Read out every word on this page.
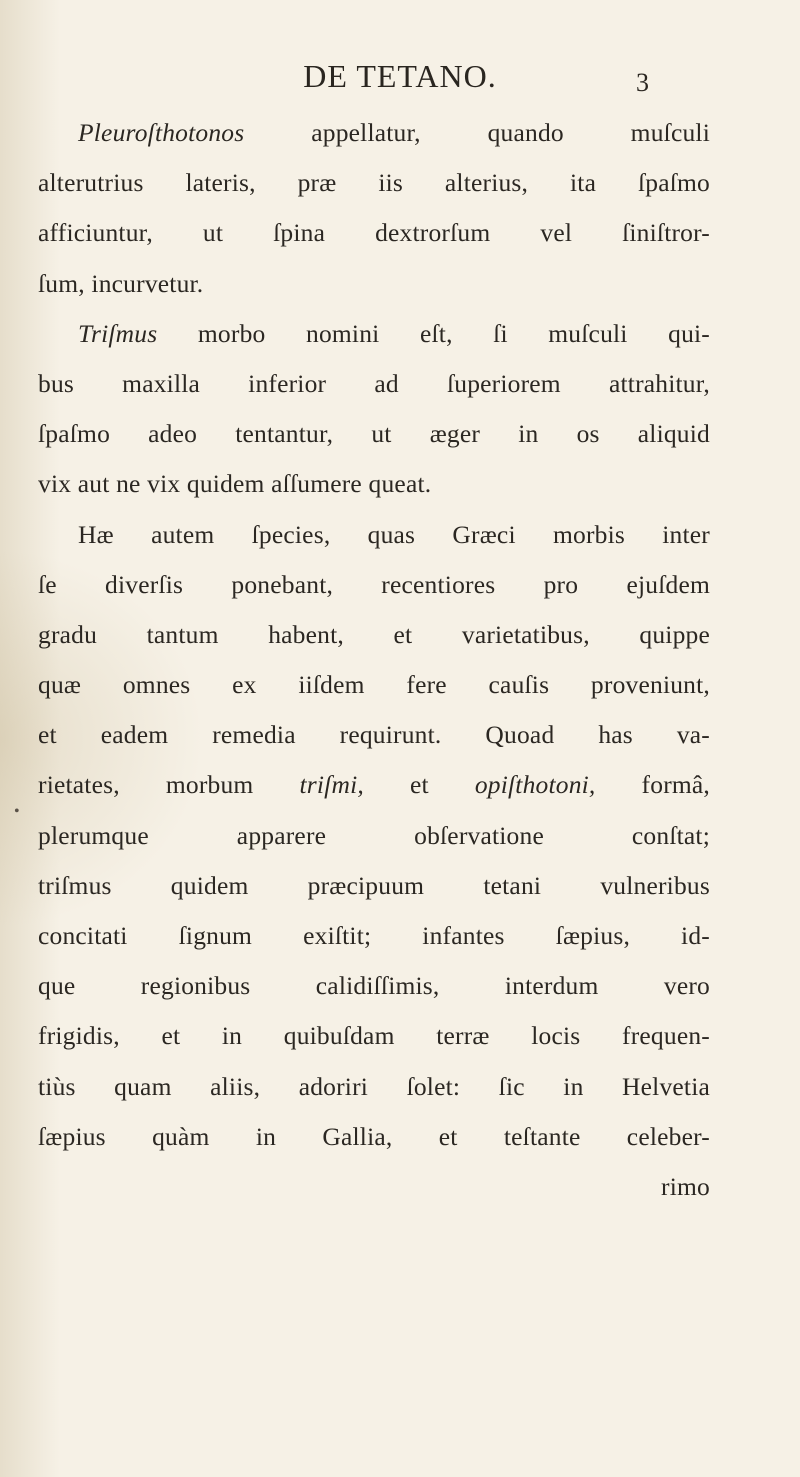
DE TETANO.	3
Pleuroſthotonos appellatur, quando muſculi
alterutrius lateris, præ iis alterius, ita ſpaſmo
afficiuntur, ut ſpina dextrorſum vel ſiniſtror-
ſum, incurvetur.
Triſmus morbo nomini eſt, ſi muſculi qui-
bus maxilla inferior ad ſuperiorem attrahitur,
ſpaſmo adeo tentantur, ut æger in os aliquid
vix aut ne vix quidem aſſumere queat.
Hæ autem ſpecies, quas Græci morbis inter
ſe diverſis ponebant, recentiores pro ejuſdem
gradu tantum habent, et varietatibus, quippe
quæ omnes ex iiſdem fere cauſis proveniunt,
et eadem remedia requirunt. Quoad has va-
rietates, morbum triſmi, et opiſthotoni, formâ,
plerumque apparere obſervatione conſtat;
triſmus quidem præcipuum tetani vulneribus
concitati ſignum exiſtit; infantes ſæpius, id-
que regionibus calidiſſimis, interdum vero
frigidis, et in quibuſdam terræ locis frequen-
tiùs quam aliis, adoriri ſolet: ſic in Helvetia
ſæpius quàm in Gallia, et teſtante celeber-
rimo
•
